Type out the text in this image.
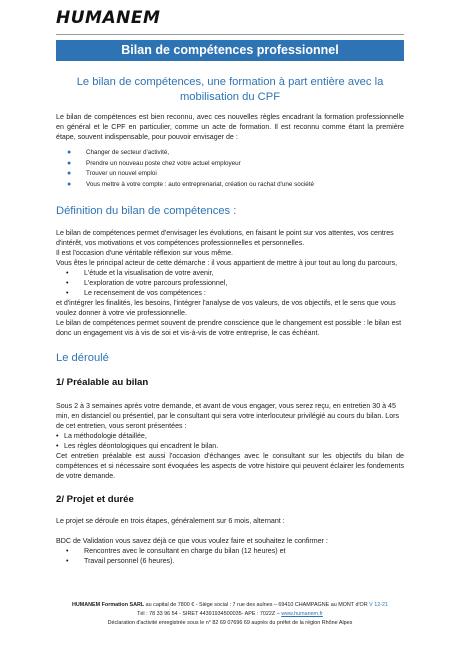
HUMANEM
Bilan de compétences professionnel
Le bilan de compétences, une formation à part entière avec la mobilisation du CPF

Le bilan de compétences est bien reconnu, avec ces nouvelles règles encadrant la formation professionnelle en général et le CPF en particulier, comme un acte de formation. Il est reconnu comme étant la première étape, souvent indispensable, pour pouvoir envisager de :

● Changer de secteur d'activité,
● Prendre un nouveau poste chez votre actuel employeur
● Trouver un nouvel emploi
● Vous mettre à votre compte : auto entreprenariat, création ou rachat d'une société
Définition du bilan de compétences :

Le bilan de compétences permet d'envisager les évolutions, en faisant le point sur vos attentes, vos centres d'intérêt, vos motivations et vos compétences professionnelles et personnelles.

Il est l'occasion d'une véritable réflexion sur vous même.

Vous êtes le principal acteur de cette démarche : il vous appartient de mettre à jour tout au long du parcours,

• L'étude et la visualisation de votre avenir,
• L'exploration de votre parcours professionnel,
• Le recensement de vos compétences :

et d'intégrer les finalités, les besoins, l'intégrer l'analyse de vos valeurs, de vos objectifs, et le sens que vous voulez donner à votre vie professionnelle.

Le bilan de compétences permet souvent de prendre conscience que le changement est possible : le bilan est donc un engagement vis à vis de soi et vis-à-vis de votre entreprise, le cas échéant.

Le déroulé
1/ Préalable au bilan

Sous 2 à 3 semaines après votre demande, et avant de vous engager, vous serez reçu, en entretien 30 à 45 min, en distanciel ou présentiel, par le consultant qui sera votre interlocuteur privilégié au cours du bilan. Lors de cet entretien, vous seront présentées :

• La méthodologie détaillée,
• Les règles déontologiques qui encadrent le bilan.

Cet entretien préalable est aussi l'occasion d'échanges avec le consultant sur les objectifs du bilan de compétences et si nécessaire sont évoquées les aspects de votre histoire qui peuvent éclairer les fondements de votre demande.

2/ Projet et durée

Le projet se déroule en trois étapes, généralement sur 6 mois, alternant :

BDC de Validation vous savez déjà ce que vous voulez faire et souhaitez le confirmer :

• Rencontres avec le consultant en charge du bilan (12 heures) et
• Travail personnel (6 heures).
HUMANEM Formation SARL au capital de 7800 € - Siège social : 7 rue des aulnes – 69410 CHAMPAGNE au MONT d'OR V 12-21
Tél : 78 33 96 54 - SIRET 44391934500035- APE : 7022Z – www.humanem.fr
Déclaration d'activité enregistrée sous le n° 82 69 07696 69 auprès du préfet de la région Rhône Alpes
